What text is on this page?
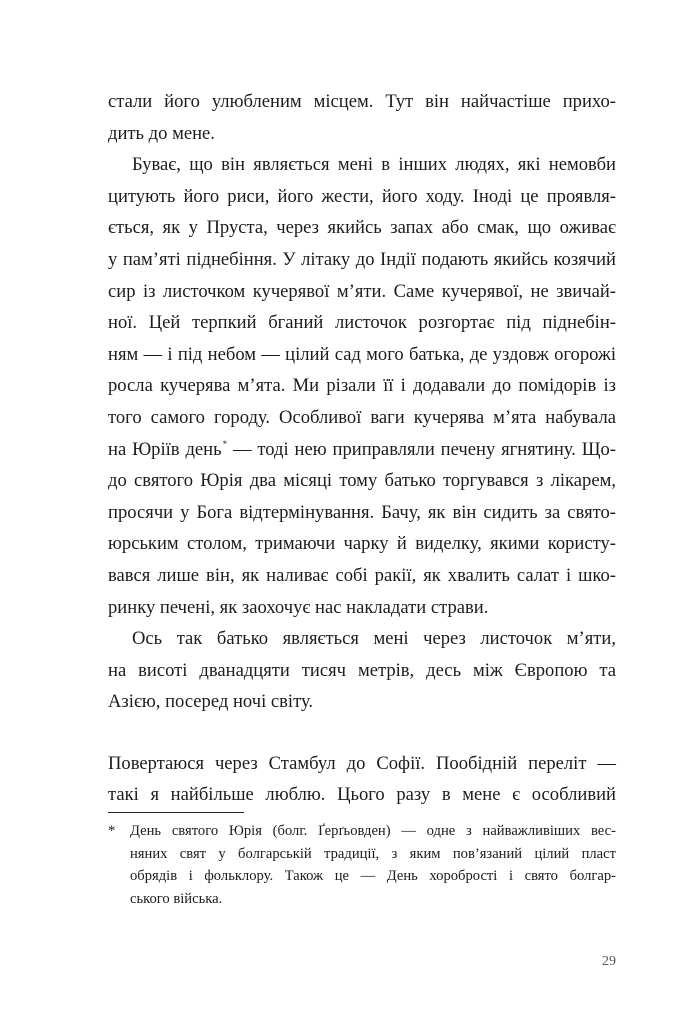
стали його улюбленим місцем. Тут він найчастіше прихо-
дить до мене.
Буває, що він являється мені в інших людях, які немовби
цитують його риси, його жести, його ходу. Іноді це проявля-
ється, як у Пруста, через якийсь запах або смак, що оживає
у пам’яті піднебіння. У літаку до Індії подають якийсь козячий
сир із листочком кучерявої м’яти. Саме кучерявої, не звичай-
ної. Цей терпкий бганий листочок розгортає під піднебін-
ням — і під небом — цілий сад мого батька, де уздовж огорожі
росла кучерява м’ята. Ми різали її і додавали до помідорів із
того самого городу. Особливої ваги кучерява м’ята набувала
на Юріїв день* — тоді нею приправляли печену ягнятину. Що-
до святого Юрія два місяці тому батько торгувався з лікарем,
просячи у Бога відтермінування. Бачу, як він сидить за свято-
юрським столом, тримаючи чарку й виделку, якими користу-
вався лише він, як наливає собі ракії, як хвалить салат і шко-
ринку печені, як заохочує нас накладати страви.
Ось так батько являється мені через листочок м’яти,
на висоті дванадцяти тисяч метрів, десь між Європою та
Азією, посеред ночі світу.
Повертаюся через Стамбул до Софії. Пообідній переліт —
такі я найбільше люблю. Цього разу в мене є особливий
* День святого Юрія (болг. Ґерґьовден) — одне з найважливіших вес-
няних свят у болгарській традиції, з яким пов’язаний цілий пласт
обрядів і фольклору. Також це — День хоробрості і свято болгар-
ського війська.
29
